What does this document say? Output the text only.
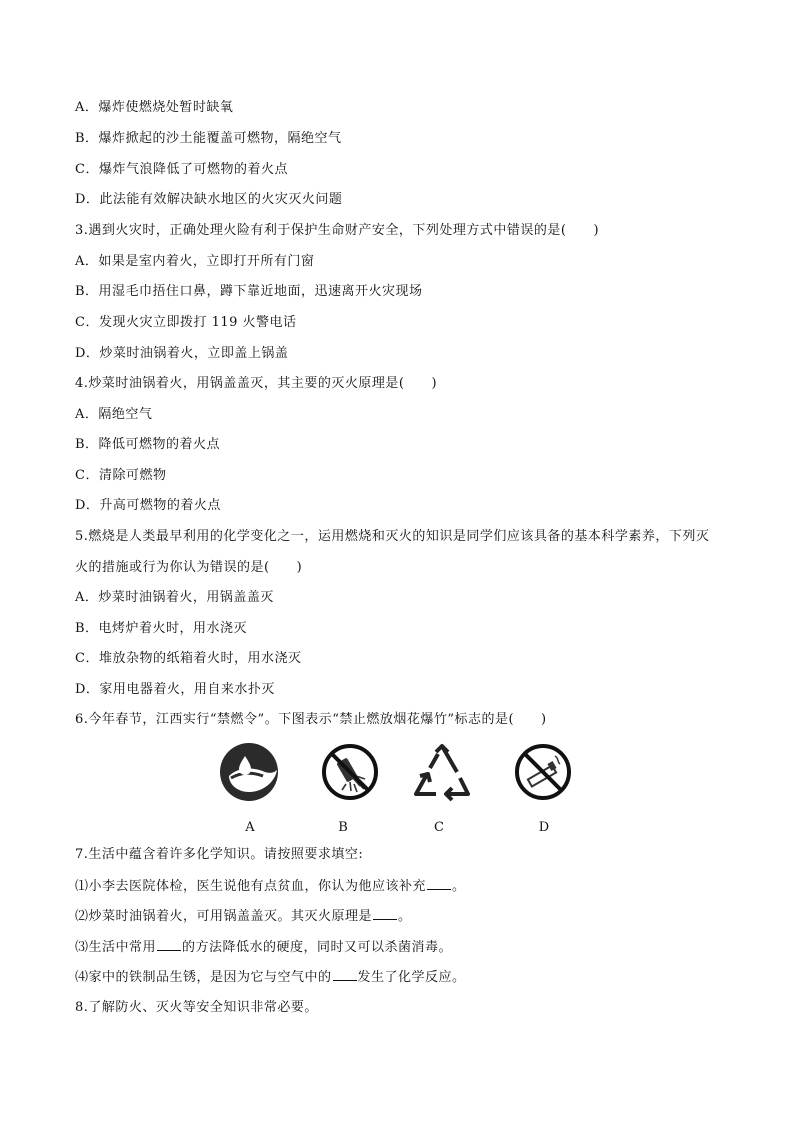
A．爆炸使燃烧处暂时缺氧
B．爆炸掀起的沙土能覆盖可燃物，隔绝空气
C．爆炸气浪降低了可燃物的着火点
D．此法能有效解决缺水地区的火灾灭火问题
3.遇到火灾时，正确处理火险有利于保护生命财产安全，下列处理方式中错误的是(　　)
A．如果是室内着火，立即打开所有门窗
B．用湿毛巾捂住口鼻，蹲下靠近地面，迅速离开火灾现场
C．发现火灾立即拨打 119 火警电话
D．炒菜时油锅着火，立即盖上锅盖
4.炒菜时油锅着火，用锅盖盖灭，其主要的灭火原理是(　　)
A．隔绝空气
B．降低可燃物的着火点
C．清除可燃物
D．升高可燃物的着火点
5.燃烧是人类最早利用的化学变化之一，运用燃烧和灭火的知识是同学们应该具备的基本科学素养，下列灭
火的措施或行为你认为错误的是(　　)
A．炒菜时油锅着火，用锅盖盖灭
B．电烤炉着火时，用水浇灭
C．堆放杂物的纸箱着火时，用水浇灭
D．家用电器着火，用自来水扑灭
6.今年春节，江西实行“禁燃令”。下图表示“禁止燃放烟花爆竹”标志的是(　　)
A	B	C	D
7.生活中蕴含着许多化学知识。请按照要求填空:
⑴小李去医院体检，医生说他有点贫血，你认为他应该补充 。
⑵炒菜时油锅着火，可用锅盖盖灭。其灭火原理是 。
⑶生活中常用 的方法降低水的硬度，同时又可以杀菌消毒。
⑷家中的铁制品生锈，是因为它与空气中的 发生了化学反应。
8.了解防火、灭火等安全知识非常必要。
